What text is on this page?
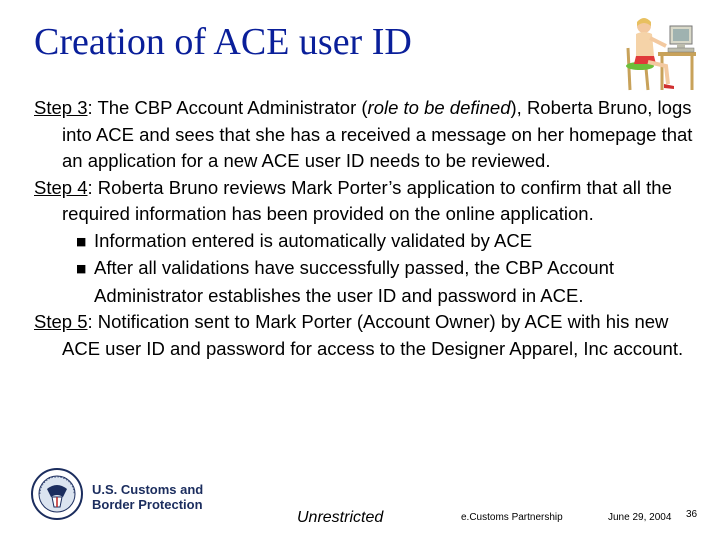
Creation of ACE user ID

Step 3: The CBP Account Administrator (role to be defined), Roberta Bruno, logs into ACE and sees that she has a received a message on her homepage that an application for a new ACE user ID needs to be reviewed.

Step 4: Roberta Bruno reviews Mark Porter’s application to confirm that all the required information has been provided on the online application.

■ Information entered is automatically validated by ACE

■ After all validations have successfully passed, the CBP Account Administrator establishes the user ID and password in ACE.

Step 5: Notification sent to Mark Porter (Account Owner) by ACE with his new ACE user ID and password for access to the Designer Apparel, Inc account.

U.S. Customs and
Border Protection
Unrestricted	e.Customs Partnership	June 29, 2004 36
